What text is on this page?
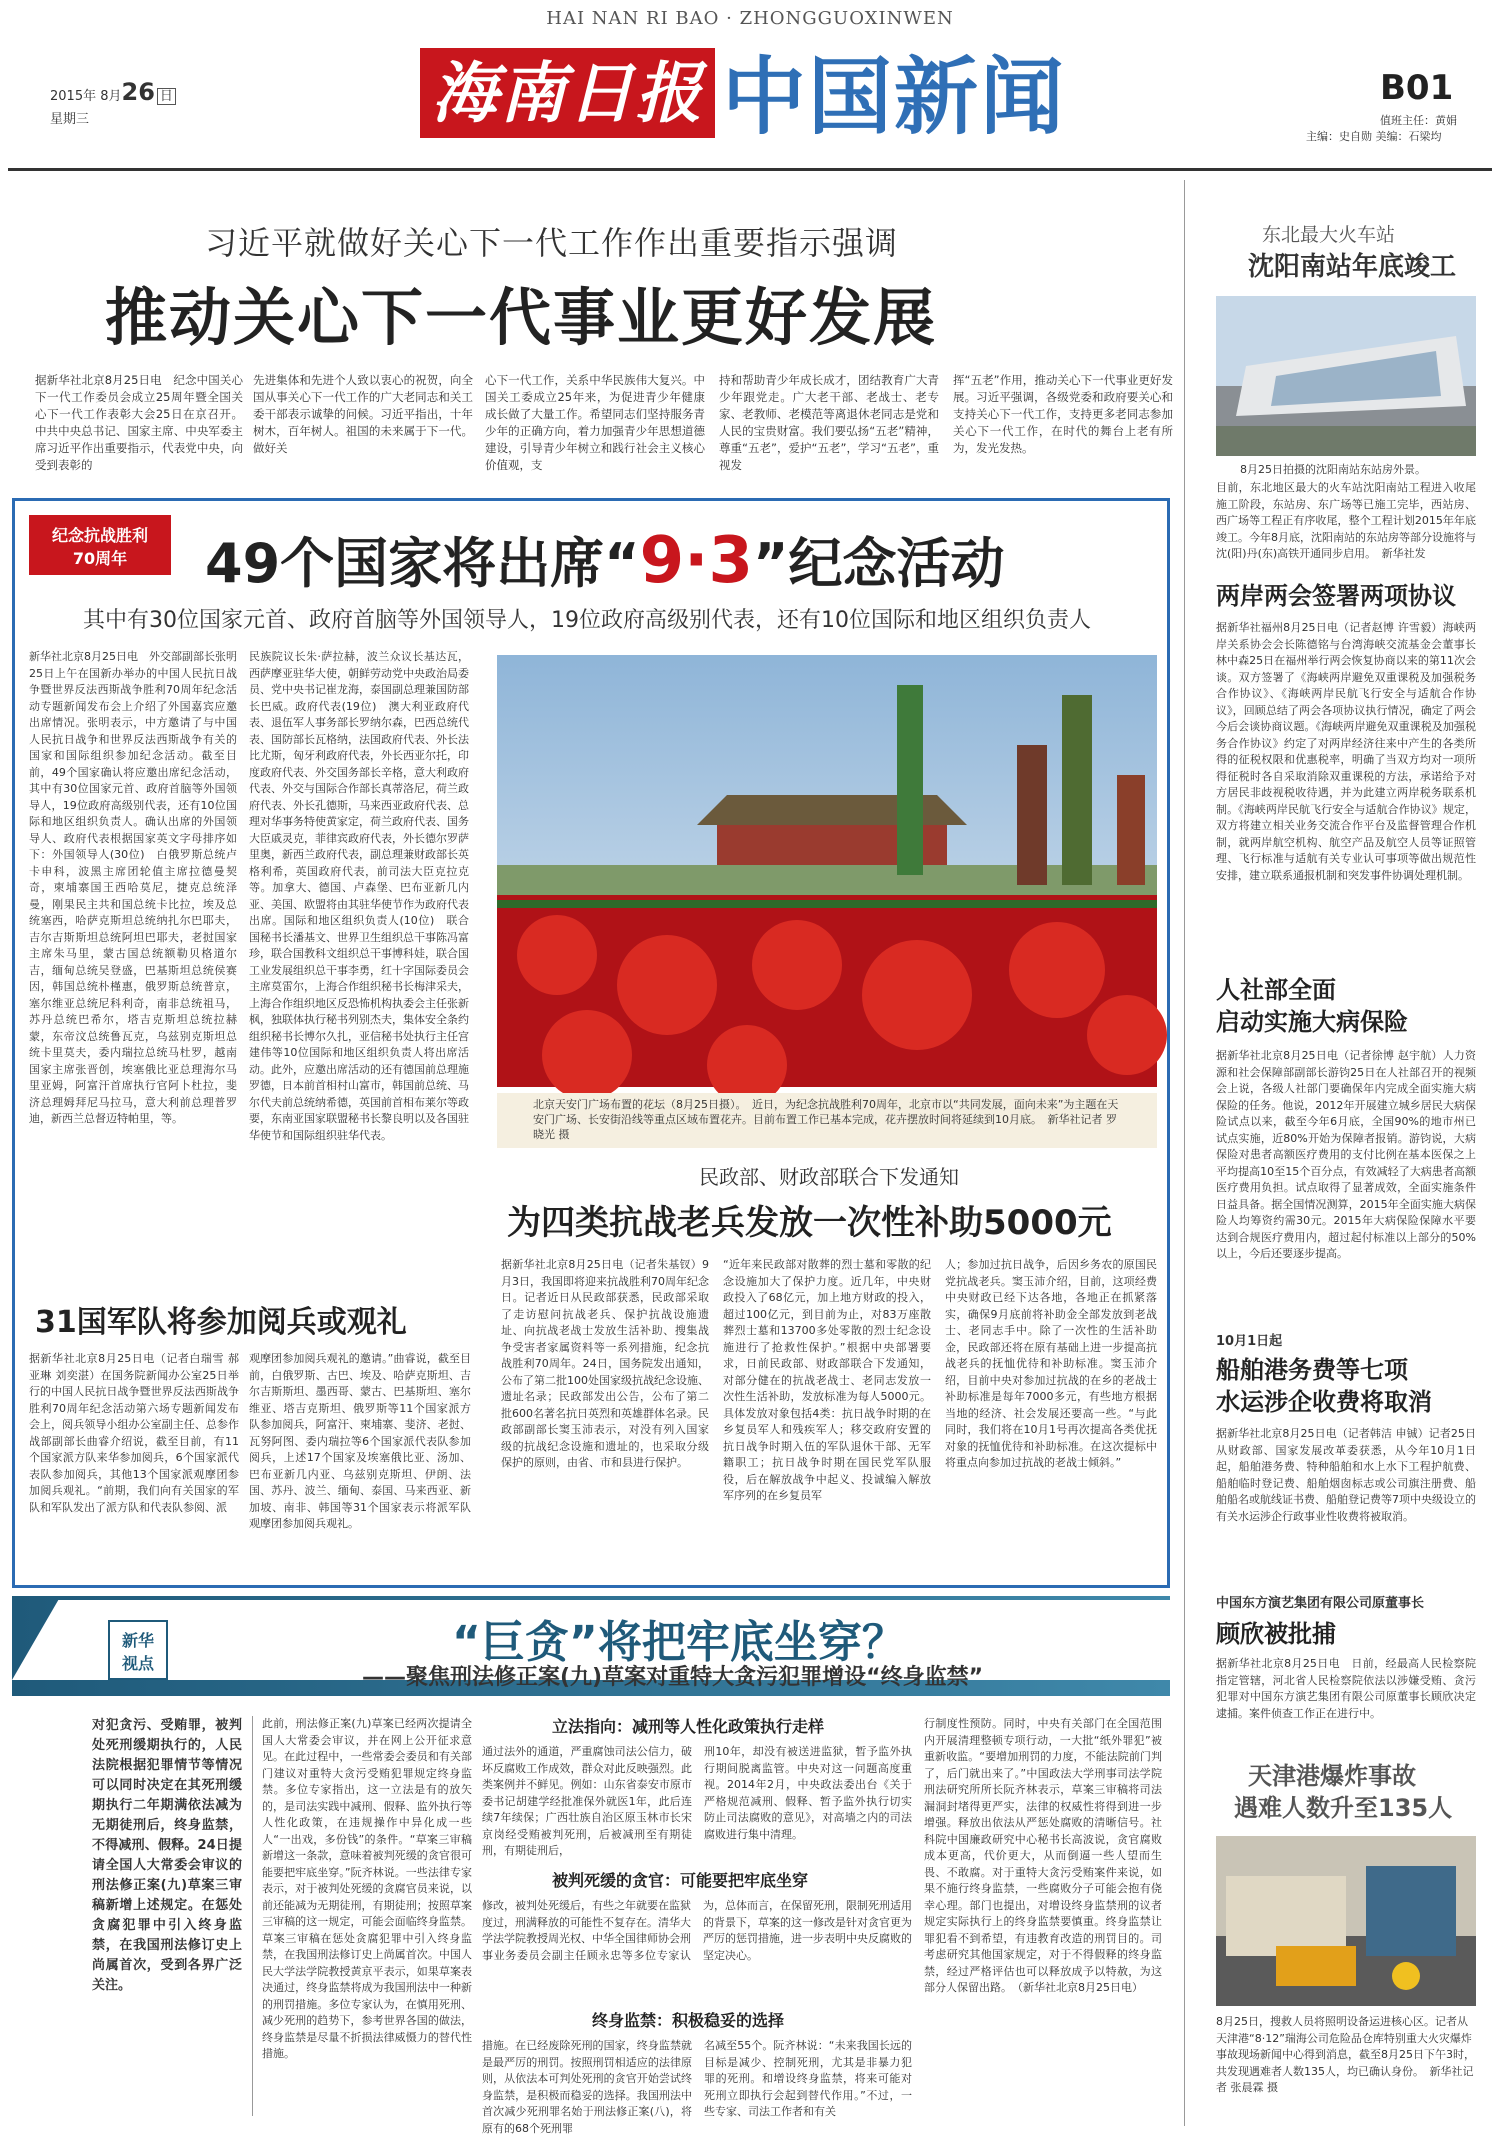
HAI NAN RI BAO · ZHONGGUOXINWEN
2015年 8月26 日
星期三	海南日报 中国新闻	B01
值班主任：黄娟
主编：史自勋 美编：石梁均
习近平就做好关心下一代工作作出重要指示强调
推动关心下一代事业更好发展
据新华社北京8月25日电　纪念中国关心下一代工作委员会成立25周年暨全国关心下一代工作表彰大会25日在京召开。中共中央总书记、国家主席、中央军委主席习近平作出重要指示，代表党中央，向受到表彰的
先进集体和先进个人致以衷心的祝贺，向全国从事关心下一代工作的广大老同志和关工委干部表示诚挚的问候。习近平指出，十年树木，百年树人。祖国的未来属于下一代。做好关
心下一代工作，关系中华民族伟大复兴。中国关工委成立25年来，为促进青少年健康成长做了大量工作。希望同志们坚持服务青少年的正确方向，着力加强青少年思想道德建设，引导青少年树立和践行社会主义核心价值观，支
持和帮助青少年成长成才，团结教育广大青少年跟党走。广大老干部、老战士、老专家、老教师、老模范等离退休老同志是党和人民的宝贵财富。我们要弘扬“五老”精神，尊重“五老”，爱护“五老”，学习“五老”，重视发
挥“五老”作用，推动关心下一代事业更好发展。习近平强调，各级党委和政府要关心和支持关心下一代工作，支持更多老同志参加关心下一代工作，在时代的舞台上老有所为，发光发热。
纪念抗战胜利
70周年	49个国家将出席“9·3”纪念活动
其中有30位国家元首、政府首脑等外国领导人，19位政府高级别代表，还有10位国际和地区组织负责人
新华社北京8月25日电　外交部副部长张明25日上午在国新办举办的中国人民抗日战争暨世界反法西斯战争胜利70周年纪念活动专题新闻发布会上介绍了外国嘉宾应邀出席情况。张明表示，中方邀请了与中国人民抗日战争和世界反法西斯战争有关的国家和国际组织参加纪念活动。截至目前，49个国家确认将应邀出席纪念活动，其中有30位国家元首、政府首脑等外国领导人，19位政府高级别代表，还有10位国际和地区组织负责人。确认出席的外国领导人、政府代表根据国家英文字母排序如下：外国领导人(30位)　白俄罗斯总统卢卡申科，波黑主席团轮值主席拉德曼契奇，柬埔寨国王西哈莫尼，捷克总统泽曼，刚果民主共和国总统卡比拉，埃及总统塞西，哈萨克斯坦总统纳扎尔巴耶夫，吉尔吉斯斯坦总统阿坦巴耶夫，老挝国家主席朱马里，蒙古国总统额勒贝格道尔吉，缅甸总统吴登盛，巴基斯坦总统侯赛因，韩国总统朴槿惠，俄罗斯总统普京，塞尔维亚总统尼科利奇，南非总统祖马，苏丹总统巴希尔，塔吉克斯坦总统拉赫蒙，东帝汶总统鲁瓦克，乌兹别克斯坦总统卡里莫夫，委内瑞拉总统马杜罗，越南国家主席张晋创，埃塞俄比亚总理海尔马里亚姆，阿富汗首席执行官阿卜杜拉，斐济总理姆拜尼马拉马，意大利前总理普罗迪，新西兰总督迈特帕里，等。
民族院议长朱·萨拉赫，波兰众议长基达瓦，西萨摩亚驻华大使，朝鲜劳动党中央政治局委员、党中央书记崔龙海，泰国副总理兼国防部长巴威。政府代表(19位)　澳大利亚政府代表、退伍军人事务部长罗纳尔森，巴西总统代表、国防部长瓦格纳，法国政府代表、外长法比尤斯，匈牙利政府代表，外长西亚尔托，印度政府代表、外交国务部长辛格，意大利政府代表、外交与国际合作部长真蒂洛尼，荷兰政府代表、外长孔德斯，马来西亚政府代表、总理对华事务特使黄家定，荷兰政府代表、国务大臣戚灵克，菲律宾政府代表，外长德尔罗萨里奥，新西兰政府代表，副总理兼财政部长英格利希，英国政府代表，前司法大臣克拉克等。加拿大、德国、卢森堡、巴布亚新几内亚、美国、欧盟将由其驻华使节作为政府代表出席。国际和地区组织负责人(10位)　联合国秘书长潘基文、世界卫生组织总干事陈冯富珍，联合国教科文组织总干事博科娃，联合国工业发展组织总干事李勇，红十字国际委员会主席莫雷尔，上海合作组织秘书长梅津采夫，上海合作组织地区反恐怖机构执委会主任张新枫，独联体执行秘书列别杰夫，集体安全条约组织秘书长博尔久扎，亚信秘书处执行主任宫建伟等10位国际和地区组织负责人将出席活动。此外，应邀出席活动的还有德国前总理施罗德，日本前首相村山富市，韩国前总统、马尔代夫前总统纳希德，英国前首相布莱尔等政要，东南亚国家联盟秘书长黎良明以及各国驻华使节和国际组织驻华代表。
北京天安门广场布置的花坛（8月25日摄）。　近日，为纪念抗战胜利70周年，北京市以“共同发展，面向未来”为主题在天安门广场、长安街沿线等重点区域布置花卉。目前布置工作已基本完成，花卉摆放时间将延续到10月底。　新华社记者 罗晓光 摄
民政部、财政部联合下发通知
为四类抗战老兵发放一次性补助5000元
据新华社北京8月25日电（记者朱基钗）9月3日，我国即将迎来抗战胜利70周年纪念日。记者近日从民政部获悉，民政部采取了走访慰问抗战老兵、保护抗战设施遗址、向抗战老战士发放生活补助、搜集战争受害者家属资料等一系列措施，纪念抗战胜利70周年。24日，国务院发出通知，公布了第二批100处国家级抗战纪念设施、遗址名录；民政部发出公告，公布了第二批600名著名抗日英烈和英雄群体名录。民政部副部长窦玉沛表示，对没有列入国家级的抗战纪念设施和遗址的，也采取分级保护的原则，由省、市和县进行保护。
“近年来民政部对散葬的烈士墓和零散的纪念设施加大了保护力度。近几年，中央财政投入了68亿元，加上地方财政的投入，超过100亿元，到目前为止，对83万座散葬烈士墓和13700多处零散的烈士纪念设施进行了抢救性保护。”根据中央部署要求，日前民政部、财政部联合下发通知，对部分健在的抗战老战士、老同志发放一次性生活补助，发放标准为每人5000元。具体发放对象包括4类：抗日战争时期的在乡复员军人和残疾军人；移交政府安置的抗日战争时期入伍的军队退休干部、无军籍职工；抗日战争时期在国民党军队服役，后在解放战争中起义、投诚编入解放军序列的在乡复员军
人；参加过抗日战争，后因乡务农的原国民党抗战老兵。窦玉沛介绍，目前，这项经费中央财政已经下达各地，各地正在抓紧落实，确保9月底前将补助金全部发放到老战士、老同志手中。除了一次性的生活补助金，民政部还将在原有基础上进一步提高抗战老兵的抚恤优待和补助标准。窦玉沛介绍，目前中央对参加过抗战的在乡的老战士补助标准是每年7000多元，有些地方根据当地的经济、社会发展还要高一些。“与此同时，我们将在10月1号再次提高各类优抚对象的抚恤优待和补助标准。在这次提标中将重点向参加过抗战的老战士倾斜。”
31国军队将参加阅兵或观礼
据新华社北京8月25日电（记者白瑞雪 郝亚琳 刘奕湛）在国务院新闻办公室25日举行的中国人民抗日战争暨世界反法西斯战争胜利70周年纪念活动第六场专题新闻发布会上，阅兵领导小组办公室副主任、总参作战部副部长曲睿介绍说，截至目前，有11个国家派方队来华参加阅兵，6个国家派代表队参加阅兵，其他13个国家派观摩团参加阅兵观礼。“前期，我们向有关国家的军队和军队发出了派方队和代表队参阅、派
观摩团参加阅兵观礼的邀请。”曲睿说，截至目前，白俄罗斯、古巴、埃及、哈萨克斯坦、吉尔吉斯斯坦、墨西哥、蒙古、巴基斯坦、塞尔维亚、塔吉克斯坦、俄罗斯等11个国家派方队参加阅兵，阿富汗、柬埔寨、斐济、老挝、瓦努阿图、委内瑞拉等6个国家派代表队参加阅兵，上述17个国家及埃塞俄比亚、汤加、巴布亚新几内亚、乌兹别克斯坦、伊朗、法国、苏丹、波兰、缅甸、泰国、马来西亚、新加坡、南非、韩国等31个国家表示将派军队观摩团参加阅兵观礼。
新华
视点	“巨贪”将把牢底坐穿？
——聚焦刑法修正案(九)草案对重特大贪污犯罪增设“终身监禁”
对犯贪污、受贿罪，被判处死刑缓期执行的，人民法院根据犯罪情节等情况可以同时决定在其死刑缓期执行二年期满依法减为无期徒刑后，终身监禁，不得减刑、假释。24日提请全国人大常委会审议的刑法修正案(九)草案三审稿新增上述规定。在惩处贪腐犯罪中引入终身监禁，在我国刑法修订史上尚属首次，受到各界广泛关注。
此前，刑法修正案(九)草案已经两次提请全国人大常委会审议，并在网上公开征求意见。在此过程中，一些常委会委员和有关部门建议对重特大贪污受贿犯罪规定终身监禁。多位专家指出，这一立法是有的放矢的，是司法实践中减刑、假释、监外执行等人性化政策，在违规操作中异化成一些人“一出戏，多份钱”的条件。“草案三审稿新增这一条款，意味着被判死缓的贪官很可能要把牢底坐穿。”阮齐林说。一些法律专家表示，对于被判处死缓的贪腐官员来说，以前还能减为无期徒刑，有期徒刑；按照草案三审稿的这一规定，可能会面临终身监禁。草案三审稿在惩处贪腐犯罪中引入终身监禁，在我国刑法修订史上尚属首次。中国人民大学法学院教授黄京平表示，如果草案表决通过，终身监禁将成为我国刑法中一种新的刑罚措施。多位专家认为，在慎用死刑、减少死刑的趋势下，参考世界各国的做法，终身监禁是尽量不折损法律威慑力的替代性措施。
立法指向：减刑等人性化政策执行走样
通过法外的通道，严重腐蚀司法公信力，破坏反腐败工作成效，群众对此反映强烈。此类案例并不鲜见。例如：山东省泰安市原市委书记胡建学经批准保外就医1年，此后连续7年续保；广西壮族自治区原玉林市长宋京岗经受贿被判死刑，后被减刑至有期徒刑，有期徒刑后，
刑10年，却没有被送进监狱，暂予监外执行期间脱离监管。中央对这一问题高度重视。2014年2月，中央政法委出台《关于严格规范减刑、假释、暂予监外执行切实防止司法腐败的意见》，对高墙之内的司法腐败进行集中清理。
被判死缓的贪官：可能要把牢底坐穿
修改，被判处死缓后，有些之年就要在监狱度过，刑满释放的可能性不复存在。清华大学法学院教授周光权、中华全国律师协会刑事业务委员会副主任顾永忠等多位专家认为，总体而言，在保留死刑，限制死刑适用的背景下，草案的这一修改是针对贪官更为严厉的惩罚措施，进一步表明中央反腐败的坚定决心。
终身监禁：积极稳妥的选择
措施。在已经废除死刑的国家，终身监禁就是最严厉的刑罚。按照刑罚相适应的法律原则，从依法本可判处死刑的贪官开始尝试终身监禁，是积极而稳妥的选择。我国刑法中首次减少死刑罪名始于刑法修正案(八)，将原有的68个死刑罪
名减至55个。阮齐林说：“未来我国长远的目标是减少、控制死刑，尤其是非暴力犯罪的死刑。和增设终身监禁，将来可能对死刑立即执行会起到替代作用。”不过，一些专家、司法工作者和有关
行制度性预防。同时，中央有关部门在全国范围内开展清理整顿专项行动，一大批“纸外罪犯”被重新收监。“要增加刑罚的力度，不能法院前门判了，后门就出来了。”中国政法大学刑事司法学院刑法研究所所长阮齐林表示，草案三审稿将司法漏洞封堵得更严实，法律的权威性将得到进一步增强。释放出依法从严惩处腐败的清晰信号。社科院中国廉政研究中心秘书长高波说，贪官腐败成本更高，代价更大，从而倒逼一些人望而生畏、不敢腐。对于重特大贪污受贿案件来说，如果不施行终身监禁，一些腐败分子可能会抱有侥幸心理。部门也提出，对增设终身监禁刑的议者规定实际执行上的终身监禁要慎重。终身监禁让罪犯看不到希望，有违教育改造的刑罚目的。司考虑研究其他国家规定，对于不得假释的终身监禁，经过严格评估也可以释放成予以特赦，为这部分人保留出路。　（新华社北京8月25日电）
东北最大火车站
沈阳南站年底竣工
8月25日拍摄的沈阳南站东站房外景。
目前，东北地区最大的火车站沈阳南站工程进入收尾施工阶段，东站房、东广场等已施工完毕，西站房、西广场等工程正有序收尾，整个工程计划2015年年底竣工。今年8月底，沈阳南站的东站房等部分设施将与沈(阳)丹(东)高铁开通同步启用。　新华社发
两岸两会签署两项协议
据新华社福州8月25日电（记者赵博 许雪毅）海峡两岸关系协会会长陈德铭与台湾海峡交流基金会董事长林中森25日在福州举行两会恢复协商以来的第11次会谈。双方签署了《海峡两岸避免双重课税及加强税务合作协议》、《海峡两岸民航飞行安全与适航合作协议》，回顾总结了两会各项协议执行情况，确定了两会今后会谈协商议题。《海峡两岸避免双重课税及加强税务合作协议》约定了对两岸经济往来中产生的各类所得的征税权限和优惠税率，明确了当双方均对一项所得征税时各自采取消除双重课税的方法，承诺给予对方居民非歧视税收待遇，并为此建立两岸税务联系机制。《海峡两岸民航飞行安全与适航合作协议》规定，双方将建立相关业务交流合作平台及监督管理合作机制，就两岸航空机构、航空产品及航空人员等证照管理、飞行标准与适航有关专业认可事项等做出规范性安排，建立联系通报机制和突发事件协调处理机制。
人社部全面
启动实施大病保险
据新华社北京8月25日电（记者徐博 赵宇航）人力资源和社会保障部副部长游钧25日在人社部召开的视频会上说，各级人社部门要确保年内完成全面实施大病保险的任务。他说，2012年开展建立城乡居民大病保险试点以来，截至今年6月底，全国90%的地市州已试点实施，近80%开始为保障者报销。游钧说，大病保险对患者高额医疗费用的支付比例在基本医保之上平均提高10至15个百分点，有效减轻了大病患者高额医疗费用负担。试点取得了显著成效，全面实施条件日益具备。据全国情况测算，2015年全面实施大病保险人均筹资约需30元。2015年大病保险保障水平要达到合规医疗费用内，超过起付标准以上部分的50%以上，今后还要逐步提高。
10月1日起
船舶港务费等七项
水运涉企收费将取消
据新华社北京8月25日电（记者韩洁 申铖）记者25日从财政部、国家发展改革委获悉，从今年10月1日起，船舶港务费、特种船舶和水上水下工程护航费、船舶临时登记费、船舶烟囱标志或公司旗注册费、船舶船名或航线证书费、船舶登记费等7项中央级设立的有关水运涉企行政事业性收费将被取消。
中国东方演艺集团有限公司原董事长
顾欣被批捕
据新华社北京8月25日电　日前，经最高人民检察院指定管辖，河北省人民检察院依法以涉嫌受贿、贪污犯罪对中国东方演艺集团有限公司原董事长顾欣决定逮捕。案件侦查工作正在进行中。
天津港爆炸事故
遇难人数升至135人
8月25日，搜救人员将照明设备运进核心区。记者从天津港“8·12”瑞海公司危险品仓库特别重大火灾爆炸事故现场新闻中心得到消息，截至8月25日下午3时，共发现遇难者人数135人，均已确认身份。　新华社记者 张晨霖 摄
